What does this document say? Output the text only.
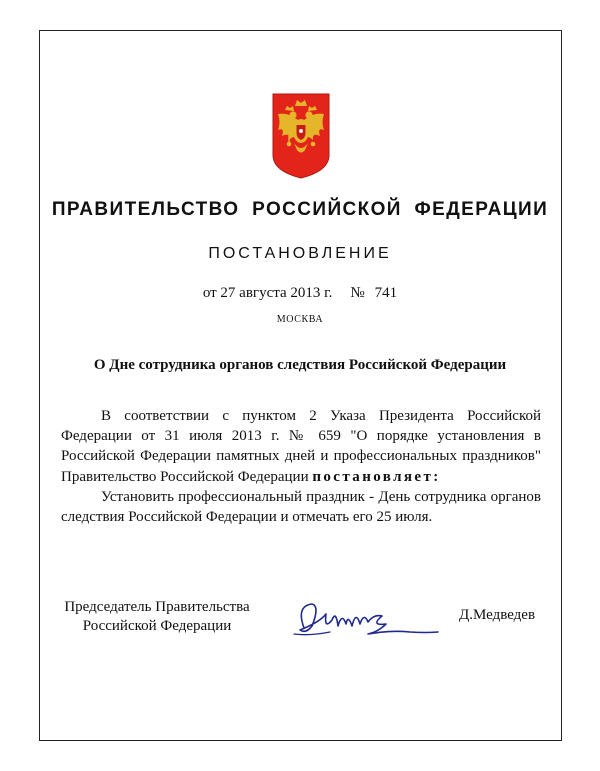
ПРАВИТЕЛЬСТВО РОССИЙСКОЙ ФЕДЕРАЦИИ
ПОСТАНОВЛЕНИЕ
от 27 августа 2013 г. № 741
МОСКВА
О Дне сотрудника органов следствия Российской Федерации

В соответствии с пунктом 2 Указа Президента Российской Федерации от 31 июля 2013 г. № 659 "О порядке установления в Российской Федерации памятных дней и профессиональных праздников" Правительство Российской Федерации постановляет:

Установить профессиональный праздник - День сотрудника органов следствия Российской Федерации и отмечать его 25 июля.

Председатель Правительства
Российской Федерации
Д.Медведев
